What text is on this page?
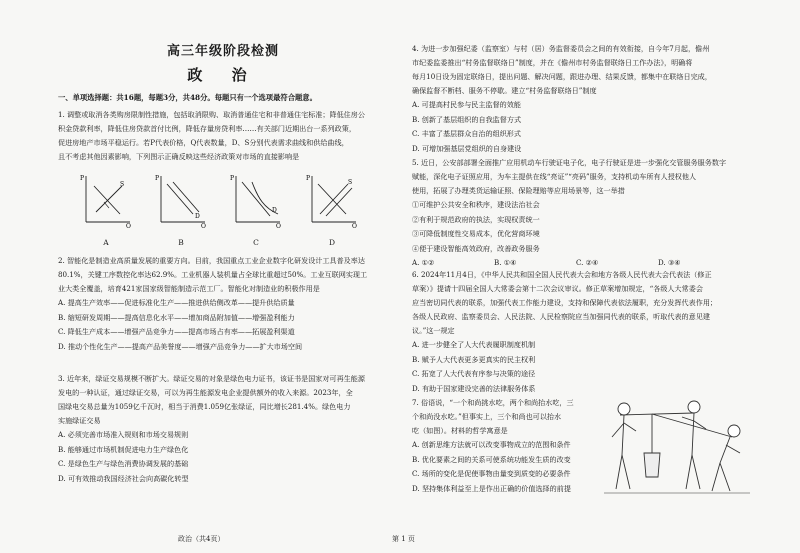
高三年级阶段检测
政 治
一、单项选择题：共16题，每题3分，共48分。每题只有一个选项最符合题意。

1. 调整或取消各类购房限制性措施，包括取消限购、取消普通住宅和非普通住宅标准；降低住房公

积金贷款利率，降低住房贷款首付比例，降低存量房贷利率……有关部门近期出台一系列政策，

促进房地产市场平稳运行。若P代表价格，Q代表数量，D、S分别代表需求曲线和供给曲线，

且不考虑其他因素影响，下列图示正确反映这些经济政策对市场的直接影响是

S
P
Q
A
P
Q
D
B
P
Q
D
C
S
P
Q
D

2. 智能化是制造业高质量发展的重要方向。目前，我国重点工业企业数字化研发设计工具普及率达

80.1%，关键工序数控化率达62.9%。工业机器人装机量占全球比重超过50%。工业互联网实现工

业大类全覆盖，培育421家国家级智能制造示范工厂。智能化对制造业的积极作用是

A. 提高生产效率——促进标准化生产——推进供给侧改革——提升供给质量

B. 缩短研发周期——提高信息化水平——增加商品附加值——增强盈利能力

C. 降低生产成本——增强产品竞争力——提高市场占有率——拓展盈利渠道

D. 推动个性化生产——提高产品美誉度——增强产品竞争力——扩大市场空间

3. 近年来，绿证交易规模不断扩大。绿证交易的对象是绿色电力证书，该证书是国家对可再生能源

发电的一种认证，通过绿证交易，可以为再生能源发电企业提供额外的收入来源。2023年，全

国绿电交易总量为1059亿千瓦时，相当于消费1.059亿张绿证，同比增长281.4%。绿色电力

实施绿证交易

A. 必须完善市场准入规则和市场交易规则

B. 能够通过市场机制促进电力生产绿色化

C. 是绿色生产与绿色消费协调发展的基础

D. 可有效推动我国经济社会向高碳化转型

4. 为进一步加强纪委（监察室）与村（居）务监督委员会之间的有效衔接，自今年7月起，儋州

市纪委监委推出“村务监督联络日”制度，并在《儋州市村务监督联络日工作办法》，明确将

每月10日设为固定联络日，提出问题、解决问题，跟进办理、结果反馈，都集中在联络日完成，

确保监督不断档、服务不停歇。建立“村务监督联络日”制度

A. 可提高村民参与民主监督的效能

B. 创新了基层组织的自我监督方式

C. 丰富了基层群众自治的组织形式

D. 可增加强基层党组织的自身建设

5. 近日，公安部部署全面推广应用机动车行驶证电子化，电子行驶证是进一步强化交管服务服务数字

赋能，深化电子证照应用，为车主提供在线“亮证”“亮码”服务，支持机动车所有人授权他人

使用，拓展了办理类货运输证照、保险理赔等应用场景等，这一举措

①可维护公共安全和秩序，建设法治社会

②有利于规范政府的执法，实现权责统一

③可降低制度性交易成本，优化营商环境

④便于建设智能高效政府，改善政务服务

A. ①②	B. ①④	C. ②④	D. ③④

6. 2024年11月4日，《中华人民共和国全国人民代表大会和地方各级人民代表大会代表法（修正

草案）》提请十四届全国人大常委会第十二次会议审议。修正草案增加规定，“各级人大常委会

应当密切同代表的联系，加强代表工作能力建设，支持和保障代表依法履职，充分发挥代表作用；

各级人民政府、监察委员会、人民法院、人民检察院应当加强同代表的联系，听取代表的意见建

议。”这一规定

A. 进一步健全了人大代表履职制度机制

B. 赋予人大代表更多更真实的民主权利

C. 拓宽了人大代表有序参与决策的途径

D. 有助于国家建设完善的法律服务体系

7. 俗语说，“一个和尚挑水吃，两个和尚抬水吃，三

个和尚没水吃。”但事实上，三个和尚也可以抬水

吃（如图）。材料的哲学寓意是

A. 创新思维方法就可以改变事物成立的范围和条件

B. 优化要素之间的关系可使系统功能发生质的改变

C. 场所的变化是促使事物由量变到质变的必要条件

D. 坚持集体利益至上是作出正确的价值选择的前提

政治（共4页）	第 1 页
